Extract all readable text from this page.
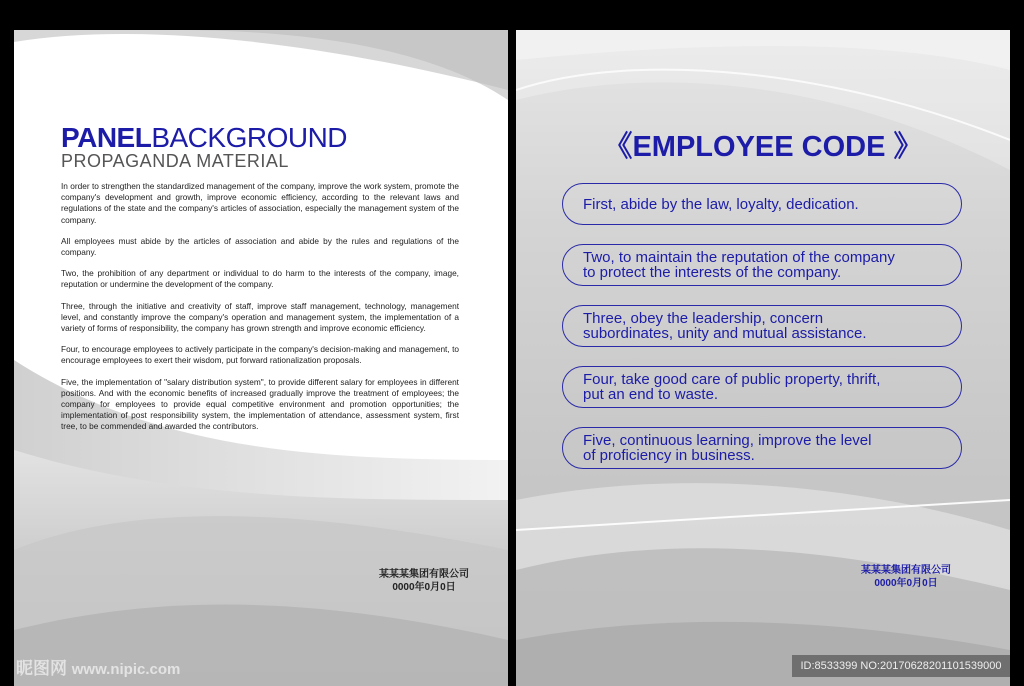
PANELBACKGROUND
PROPAGANDA MATERIAL

In order to strengthen the standardized management of the company, improve the work system, promote the company's development and growth, improve economic efficiency, according to the relevant laws and regulations of the state and the company's articles of association, especially the management system of the company.

All employees must abide by the articles of association and abide by the rules and regulations of the company.

Two, the prohibition of any department or individual to do harm to the interests of the company, image, reputation or undermine the development of the company.

Three, through the initiative and creativity of staff, improve staff management, technology, management level, and constantly improve the company's operation and management system, the implementation of a variety of forms of responsibility, the company has grown strength and improve economic efficiency.

Four, to encourage employees to actively participate in the company's decision-making and management, to encourage employees to exert their wisdom, put forward rationalization proposals.

Five, the implementation of "salary distribution system", to provide different salary for employees in different positions. And with the economic benefits of increased gradually improve the treatment of employees; the company for employees to provide equal competitive environment and promotion opportunities; the implementation of post responsibility system, the implementation of attendance, assessment system, first tree, to be commended and awarded the contributors.

某某某集团有限公司
0000年0月0日
《EMPLOYEE CODE 》
First, abide by the law, loyalty, dedication.
Two, to maintain the reputation of the company
to protect the interests of the company.
Three, obey the leadership, concern
subordinates, unity and mutual assistance.
Four, take good care of public property, thrift,
put an end to waste.
Five, continuous learning, improve the level
of proficiency in business.
某某某集团有限公司
0000年0月0日
昵图网 www.nipic.com	ID:8533399 NO:20170628201101539000
